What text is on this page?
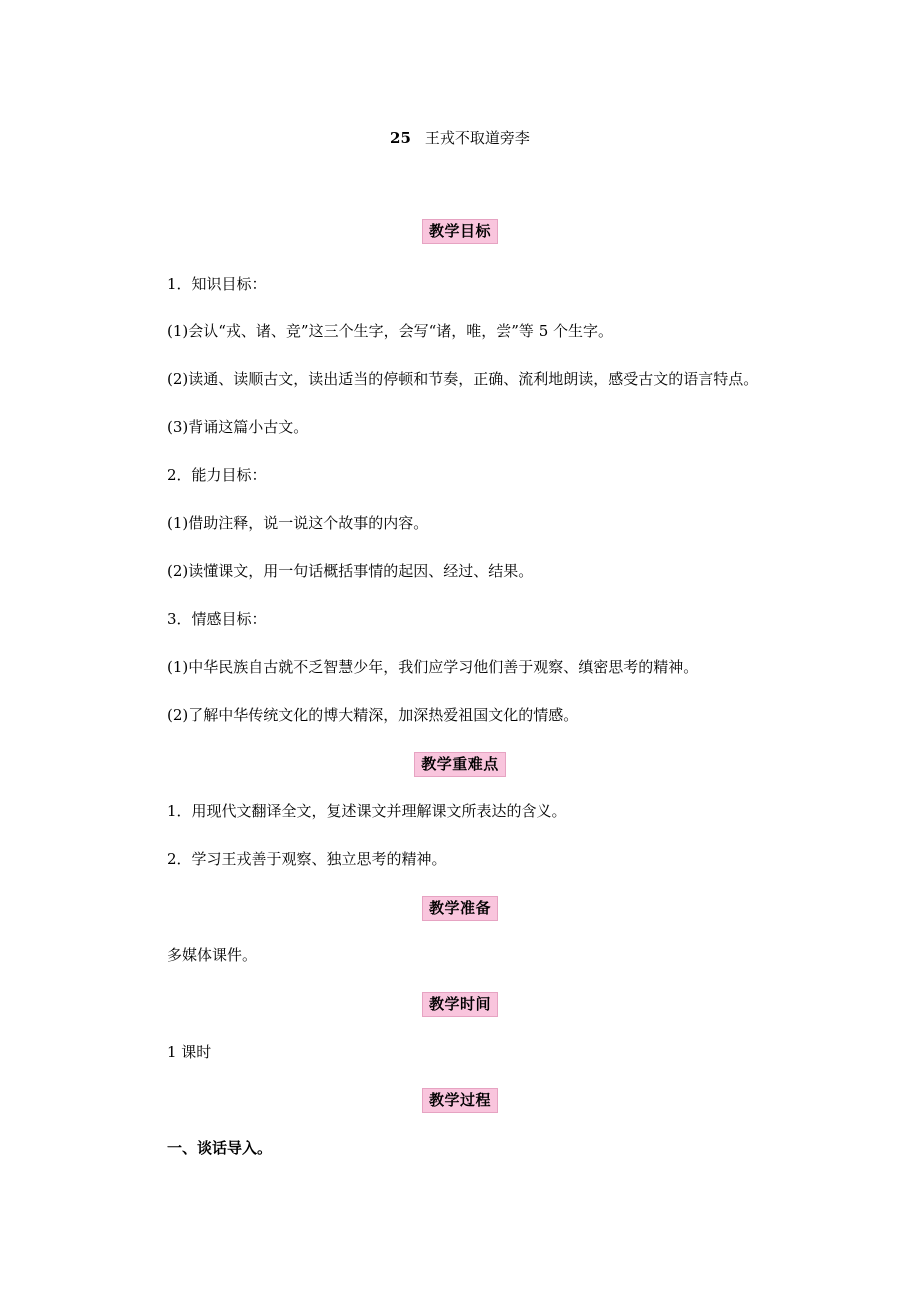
25 王戎不取道旁李
教学目标
1．知识目标：
(1)会认“戎、诸、竞”这三个生字，会写“诸，唯，尝”等 5 个生字。
(2)读通、读顺古文，读出适当的停顿和节奏，正确、流利地朗读，感受古文的语言特点。
(3)背诵这篇小古文。
2．能力目标：
(1)借助注释，说一说这个故事的内容。
(2)读懂课文，用一句话概括事情的起因、经过、结果。
3．情感目标：
(1)中华民族自古就不乏智慧少年，我们应学习他们善于观察、缜密思考的精神。
(2)了解中华传统文化的博大精深，加深热爱祖国文化的情感。
教学重难点
1．用现代文翻译全文，复述课文并理解课文所表达的含义。
2．学习王戎善于观察、独立思考的精神。
教学准备
多媒体课件。
教学时间
1 课时
教学过程
一、谈话导入。
